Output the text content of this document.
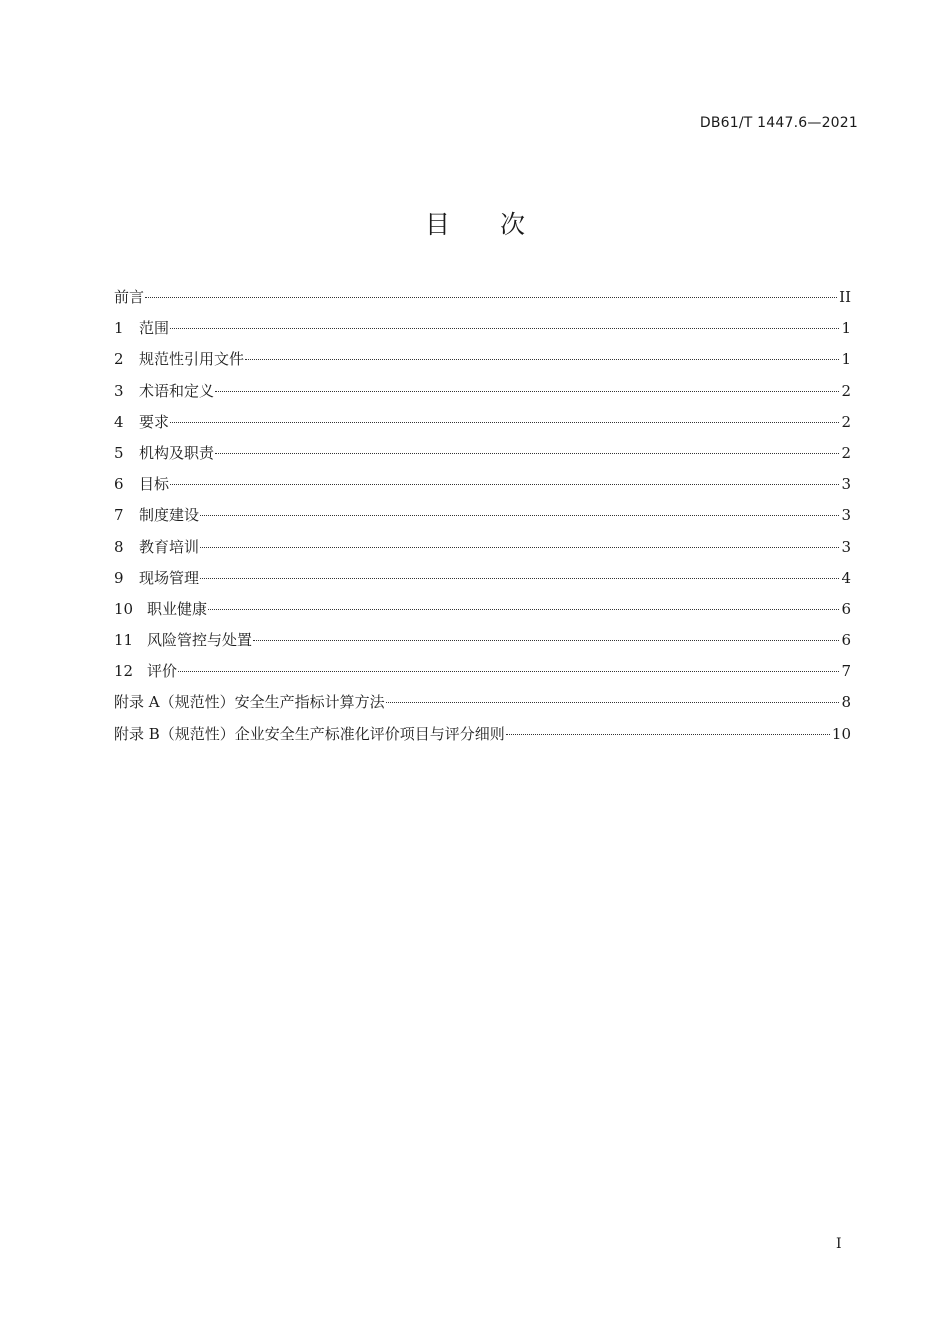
DB61/T 1447.6—2021
目 次
前言	II
1	范围	1
2	规范性引用文件	1
3	术语和定义	2
4	要求	2
5	机构及职责	2
6	目标	3
7	制度建设	3
8	教育培训	3
9	现场管理	4
10 职业健康	6
11 风险管控与处置	6
12 评价	7
附录 A（规范性）安全生产指标计算方法	8
附录 B（规范性）企业安全生产标准化评价项目与评分细则	10
I
